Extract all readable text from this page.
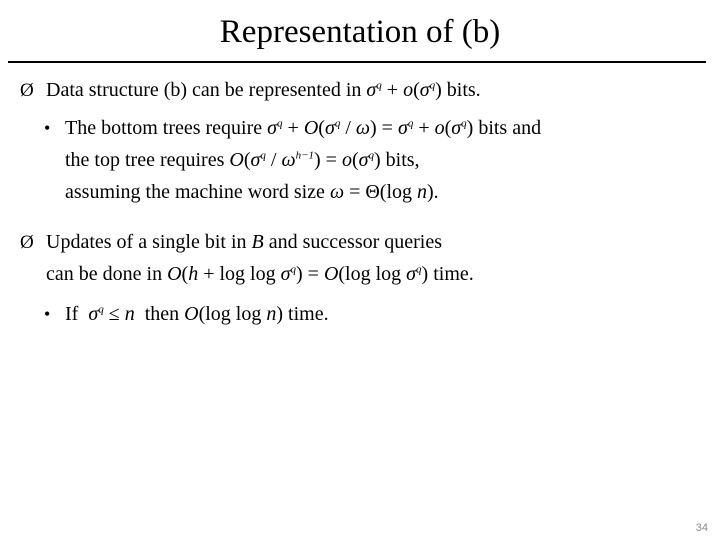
Representation of (b)
Ø Data structure (b) can be represented in $\sigma^q + o(\sigma^q)$ bits.
• The bottom trees require $\sigma^q + O(\sigma^q / \omega) = \sigma^q + o(\sigma^q)$ bits and
the top tree requires $O(\sigma^q / \omega^{h-1}) = o(\sigma^q)$ bits,
assuming the machine word size ω = Θ(log n).
Ø Updates of a single bit in B and successor queries
can be done in $O(h + \log \log \sigma^q) = O(\log$ $\log \sigma^q$) time.
• If  $\sigma^q \le n$  then O(log log n) time.
34
